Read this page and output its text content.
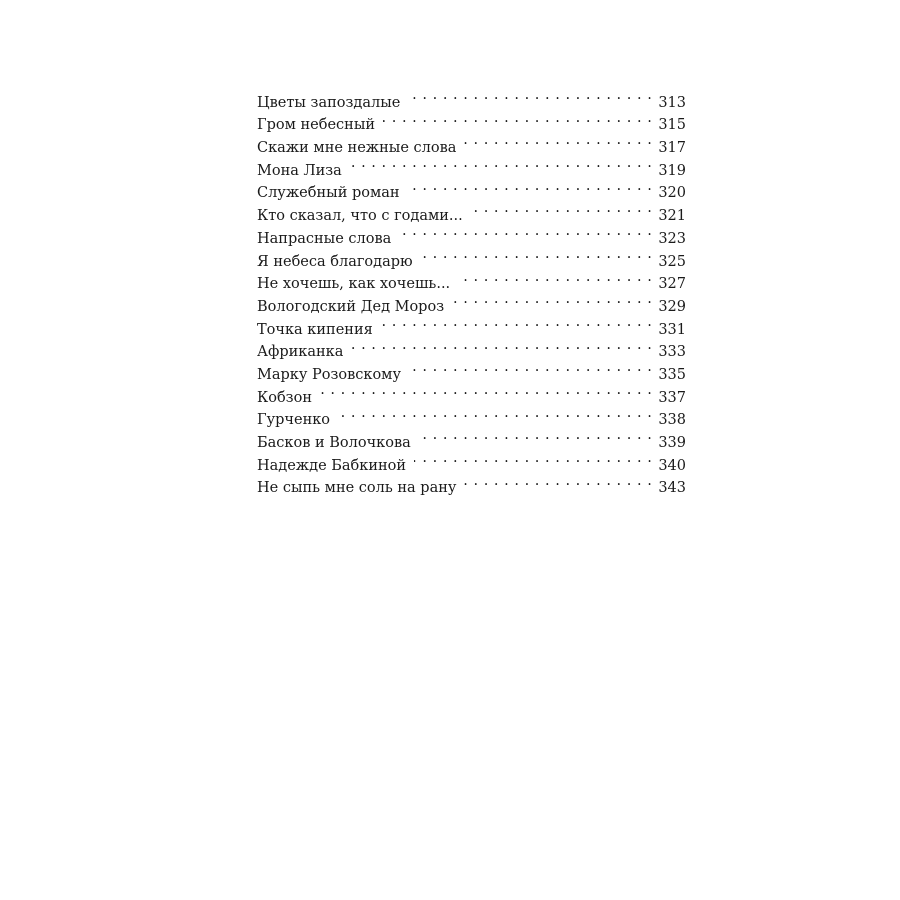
Цветы запоздалые . . .	313
Гром небесный . . .	315
Скажи мне нежные слова . . .	317
Мона Лиза . . .	319
Служебный роман . . .	320
Кто сказал, что с годами... . . .	321
Напрасные слова . . .	323
Я небеса благодарю . . .	325
Не хочешь, как хочешь... . . .	327
Вологодский Дед Мороз . . .	329
Точка кипения . . .	331
Африканка . . .	333
Марку Розовскому . . .	335
Кобзон . . .	337
Гурченко . . .	338
Басков и Волочкова . . .	339
Надежде Бабкиной . . .	340
Не сыпь мне соль на рану . . .	343
